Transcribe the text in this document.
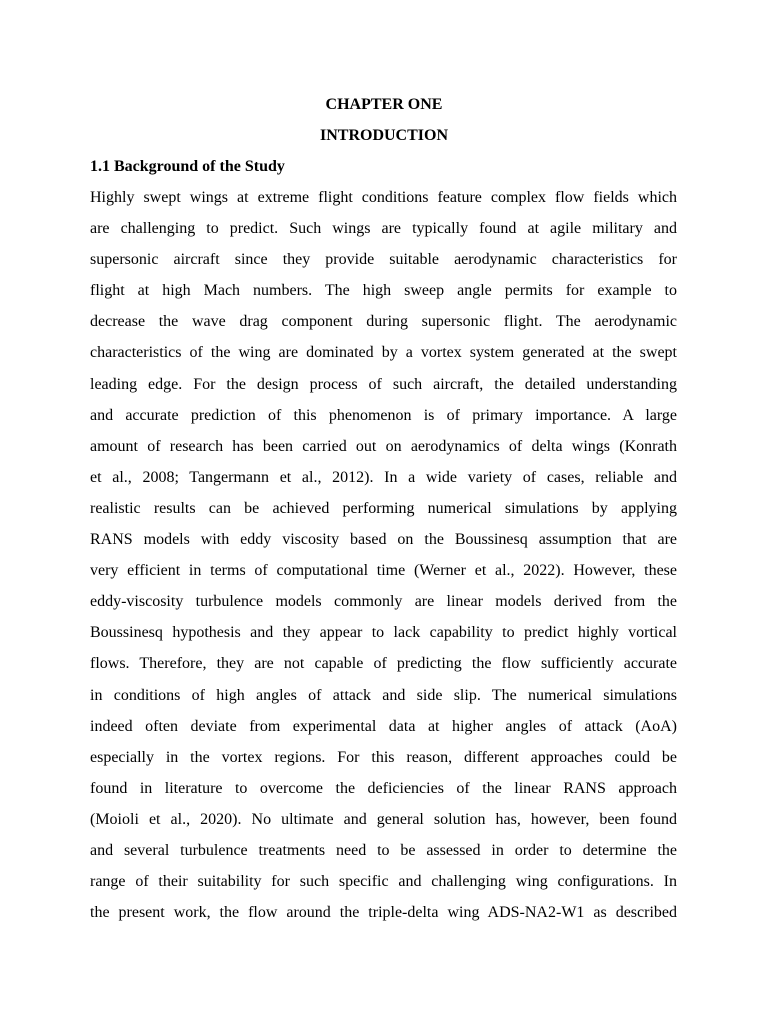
CHAPTER ONE
INTRODUCTION
1.1 Background of the Study
Highly swept wings at extreme flight conditions feature complex flow fields which
are challenging to predict. Such wings are typically found at agile military and
supersonic aircraft since they provide suitable aerodynamic characteristics for
flight at high Mach numbers. The high sweep angle permits for example to
decrease the wave drag component during supersonic flight. The aerodynamic
characteristics of the wing are dominated by a vortex system generated at the swept
leading edge. For the design process of such aircraft, the detailed understanding
and accurate prediction of this phenomenon is of primary importance. A large
amount of research has been carried out on aerodynamics of delta wings (Konrath
et al., 2008; Tangermann et al., 2012). In a wide variety of cases, reliable and
realistic results can be achieved performing numerical simulations by applying
RANS models with eddy viscosity based on the Boussinesq assumption that are
very efficient in terms of computational time (Werner et al., 2022). However, these
eddy-viscosity turbulence models commonly are linear models derived from the
Boussinesq hypothesis and they appear to lack capability to predict highly vortical
flows. Therefore, they are not capable of predicting the flow sufficiently accurate
in conditions of high angles of attack and side slip. The numerical simulations
indeed often deviate from experimental data at higher angles of attack (AoA)
especially in the vortex regions. For this reason, different approaches could be
found in literature to overcome the deficiencies of the linear RANS approach
(Moioli et al., 2020). No ultimate and general solution has, however, been found
and several turbulence treatments need to be assessed in order to determine the
range of their suitability for such specific and challenging wing configurations. In
the present work, the flow around the triple-delta wing ADS-NA2-W1 as described
